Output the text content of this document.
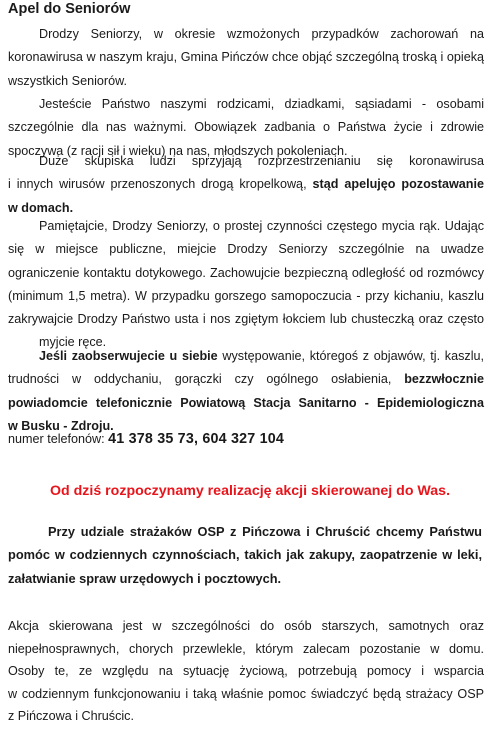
Apel do Seniorów

Drodzy Seniorzy, w okresie wzmożonych przypadków zachorowań na
koronawirusa w naszym kraju, Gmina Pińczów chce objąć szczególną troską i opieką
wszystkich Seniorów.

Jesteście Państwo naszymi rodzicami, dziadkami, sąsiadami - osobami
szczególnie dla nas ważnymi. Obowiązek zadbania o Państwa życie i zdrowie
spoczywa (z racji sił i wieku) na nas, młodszych pokoleniach.

Duże skupiska ludzi sprzyjają rozprzestrzenianiu się koronawirusa
i innych wirusów przenoszonych drogą kropelkową, stąd apelujęo pozostawanie
w domach.

Pamiętajcie, Drodzy Seniorzy, o prostej czynności częstego mycia rąk. Udając
się w miejsce publiczne, miejcie Drodzy Seniorzy szczególnie na uwadze
ograniczenie kontaktu dotykowego. Zachowujcie bezpieczną odległość od rozmówcy
(minimum 1,5 metra). W przypadku gorszego samopoczucia - przy kichaniu, kaszlu
zakrywajcie Drodzy Państwo usta i nos zgiętym łokciem lub chusteczką oraz często
myjcie ręce.

Jeśli zaobserwujecie u siebie występowanie, któregoś z objawów, tj. kaszlu,
trudności w oddychaniu, gorączki czy ogólnego osłabienia, bezzwłocznie
powiadomcie telefonicznie Powiatową Stacja Sanitarno - Epidemiologiczna
w Busku - Zdroju.

numer telefonów: 41 378 35 73, 604 327 104
Od dziś rozpoczynamy realizację akcji skierowanej do Was.
Przy udziale strażaków OSP z Pińczowa i Chruścić chcemy Państwu
pomóc w codziennych czynnościach, takich jak zakupy, zaopatrzenie w leki,
załatwianie spraw urzędowych i pocztowych.
Akcja skierowana jest w szczególności do osób starszych, samotnych oraz
niepełnosprawnych, chorych przewlekle, którym zalecam pozostanie w domu.
Osoby te, ze względu na sytuację życiową, potrzebują pomocy i wsparcia
w codziennym funkcjonowaniu i taką właśnie pomoc świadczyć będą strażacy OSP
z Pińczowa i Chruścic.
